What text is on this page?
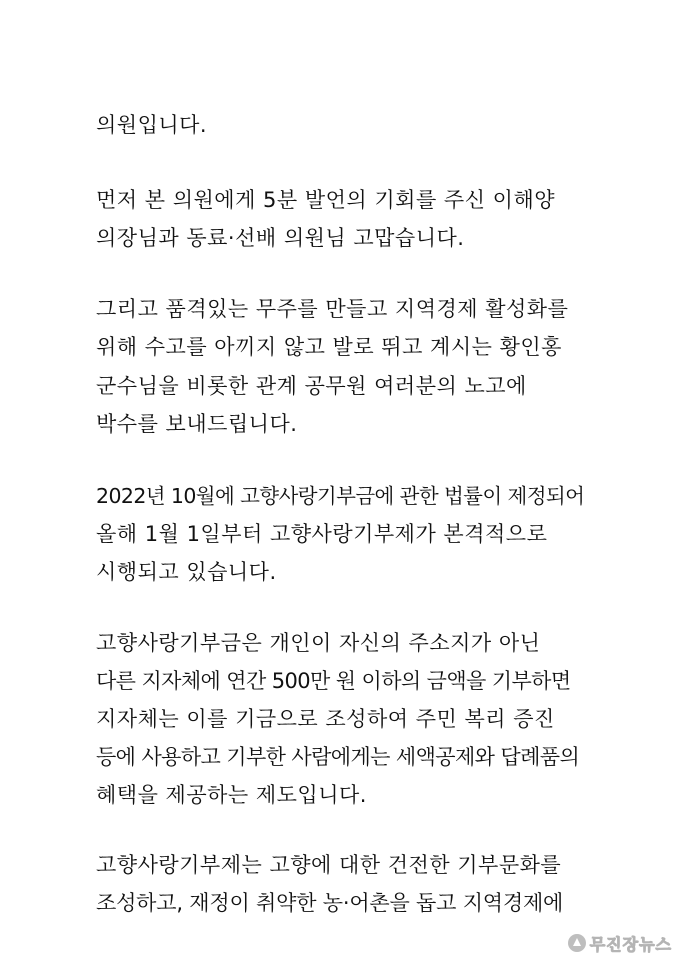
의원입니다.
먼저 본 의원에게 5분 발언의 기회를 주신 이해양
의장님과 동료·선배 의원님 고맙습니다.
그리고 품격있는 무주를 만들고 지역경제 활성화를
위해 수고를 아끼지 않고 발로 뛰고 계시는 황인홍
군수님을 비롯한 관계 공무원 여러분의 노고에
박수를 보내드립니다.
2022년 10월에 고향사랑기부금에 관한 법률이 제정되어
올해 1월 1일부터 고향사랑기부제가 본격적으로
시행되고 있습니다.
고향사랑기부금은 개인이 자신의 주소지가 아닌
다른 지자체에 연간 500만 원 이하의 금액을 기부하면
지자체는 이를 기금으로 조성하여 주민 복리 증진
등에 사용하고 기부한 사람에게는 세액공제와 답례품의
혜택을 제공하는 제도입니다.
고향사랑기부제는 고향에 대한 건전한 기부문화를
조성하고, 재정이 취약한 농·어촌을 돕고 지역경제에
무진장뉴스
